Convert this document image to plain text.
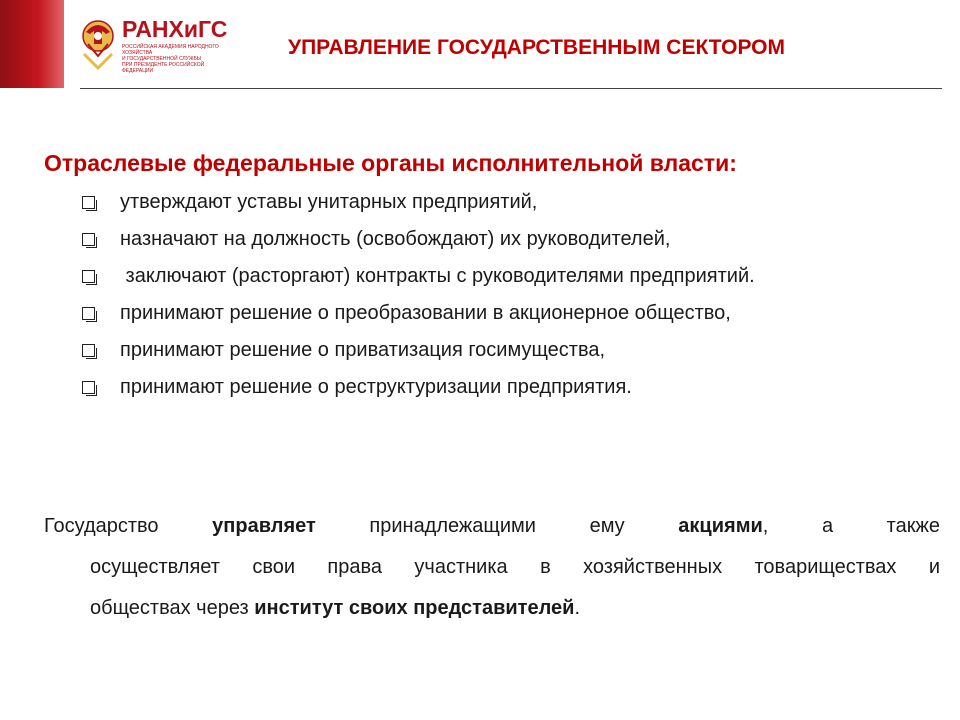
РАНХиГС
РОССИЙСКАЯ АКАДЕМИЯ НАРОДНОГО ХОЗЯЙСТВА
И ГОСУДАРСТВЕННОЙ СЛУЖБЫ
ПРИ ПРЕЗИДЕНТЕ РОССИЙСКОЙ ФЕДЕРАЦИИ
УПРАВЛЕНИЕ ГОСУДАРСТВЕННЫМ СЕКТОРОМ
Отраслевые федеральные органы исполнительной власти:
утверждают уставы унитарных предприятий,
назначают на должность (освобождают) их руководителей,
заключают (расторгают) контракты с руководителями предприятий.
принимают решение о преобразовании в акционерное общество,
принимают решение о приватизация госимущества,
принимают решение о реструктуризации предприятия.
Государство управляет принадлежащими ему акциями, а также
осуществляет свои права участника в хозяйственных товариществах и
обществах через институт своих представителей.
